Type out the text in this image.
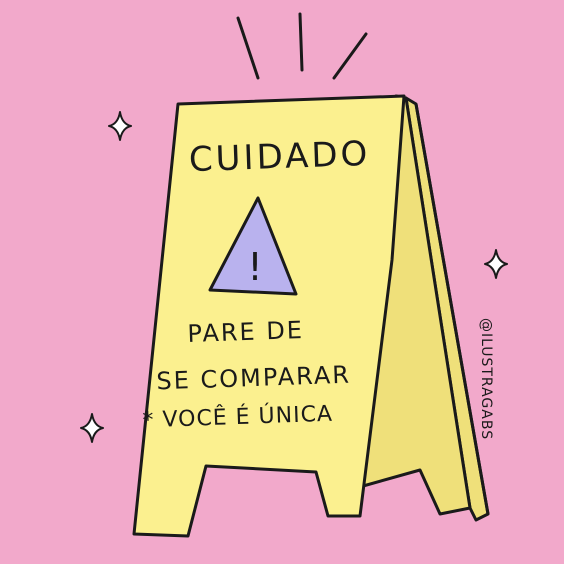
!
CUIDADO
PARE DE
SE COMPARAR
* VOCÊ É ÚNICA	@ILUSTRAGABS
